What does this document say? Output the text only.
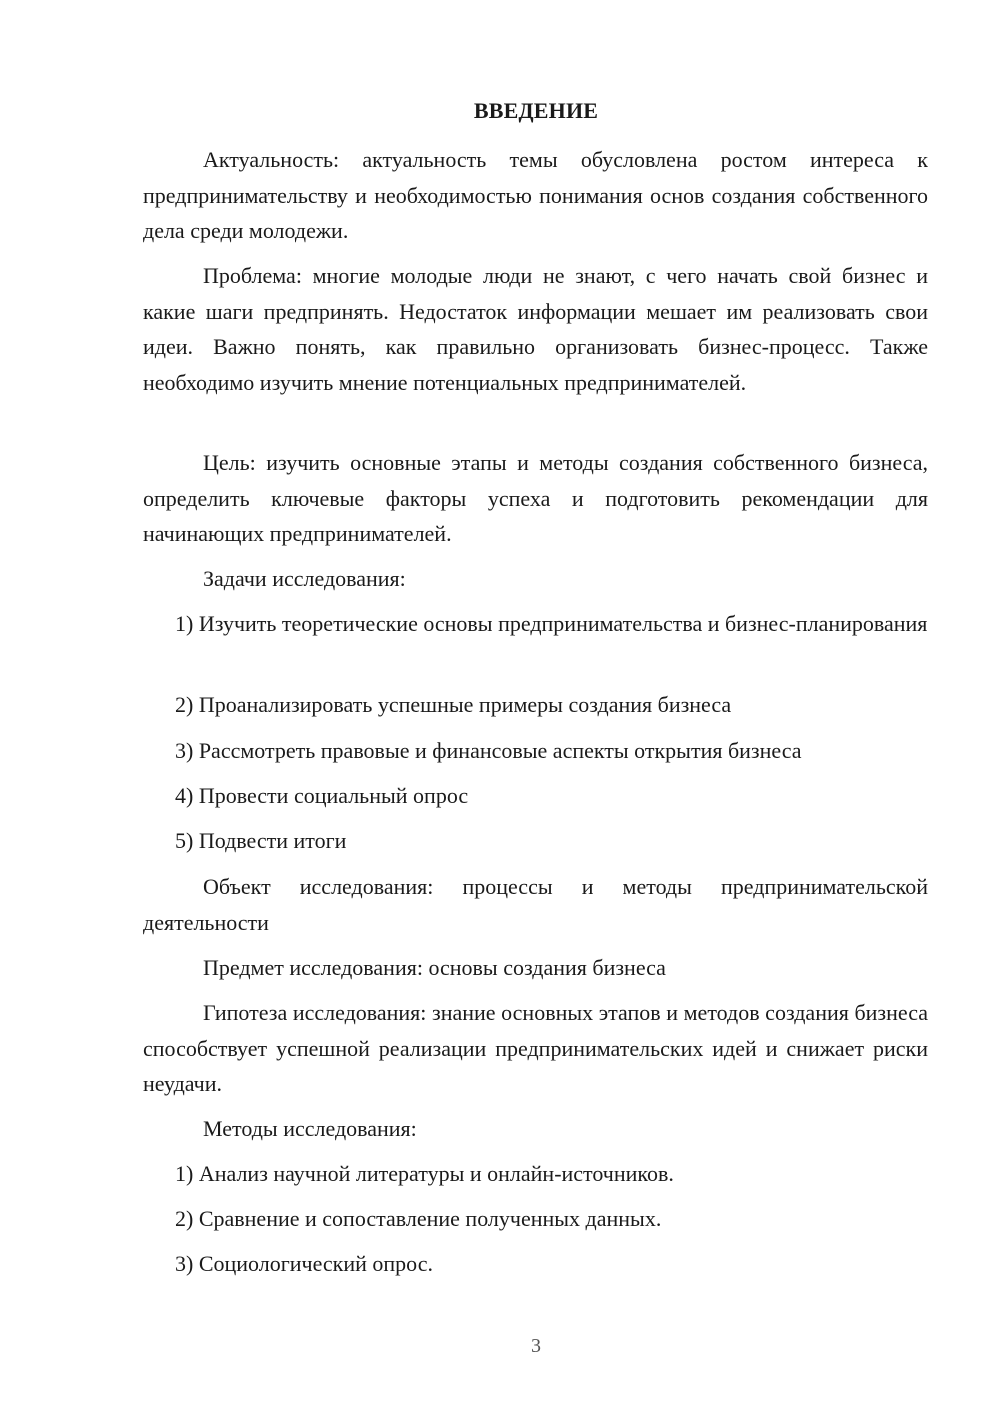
ВВЕДЕНИЕ

Актуальность: актуальность темы обусловлена ростом интереса к предпринимательству и необходимостью понимания основ создания собственного дела среди молодежи.

Проблема: многие молодые люди не знают, с чего начать свой бизнес и какие шаги предпринять. Недостаток информации мешает им реализовать свои идеи. Важно понять, как правильно организовать бизнес-процесс. Также необходимо изучить мнение потенциальных предпринимателей.

Цель: изучить основные этапы и методы создания собственного бизнеса, определить ключевые факторы успеха и подготовить рекомендации для начинающих предпринимателей.

Задачи исследования:

1) Изучить теоретические основы предпринимательства и бизнес-планирования

2) Проанализировать успешные примеры создания бизнеса

3) Рассмотреть правовые и финансовые аспекты открытия бизнеса

4) Провести социальный опрос

5) Подвести итоги

Объект исследования: процессы и методы предпринимательской деятельности

Предмет исследования: основы создания бизнеса

Гипотеза исследования: знание основных этапов и методов создания бизнеса способствует успешной реализации предпринимательских идей и снижает риски неудачи.

Методы исследования:

1) Анализ научной литературы и онлайн-источников.

2) Сравнение и сопоставление полученных данных.

3) Социологический опрос.

3
